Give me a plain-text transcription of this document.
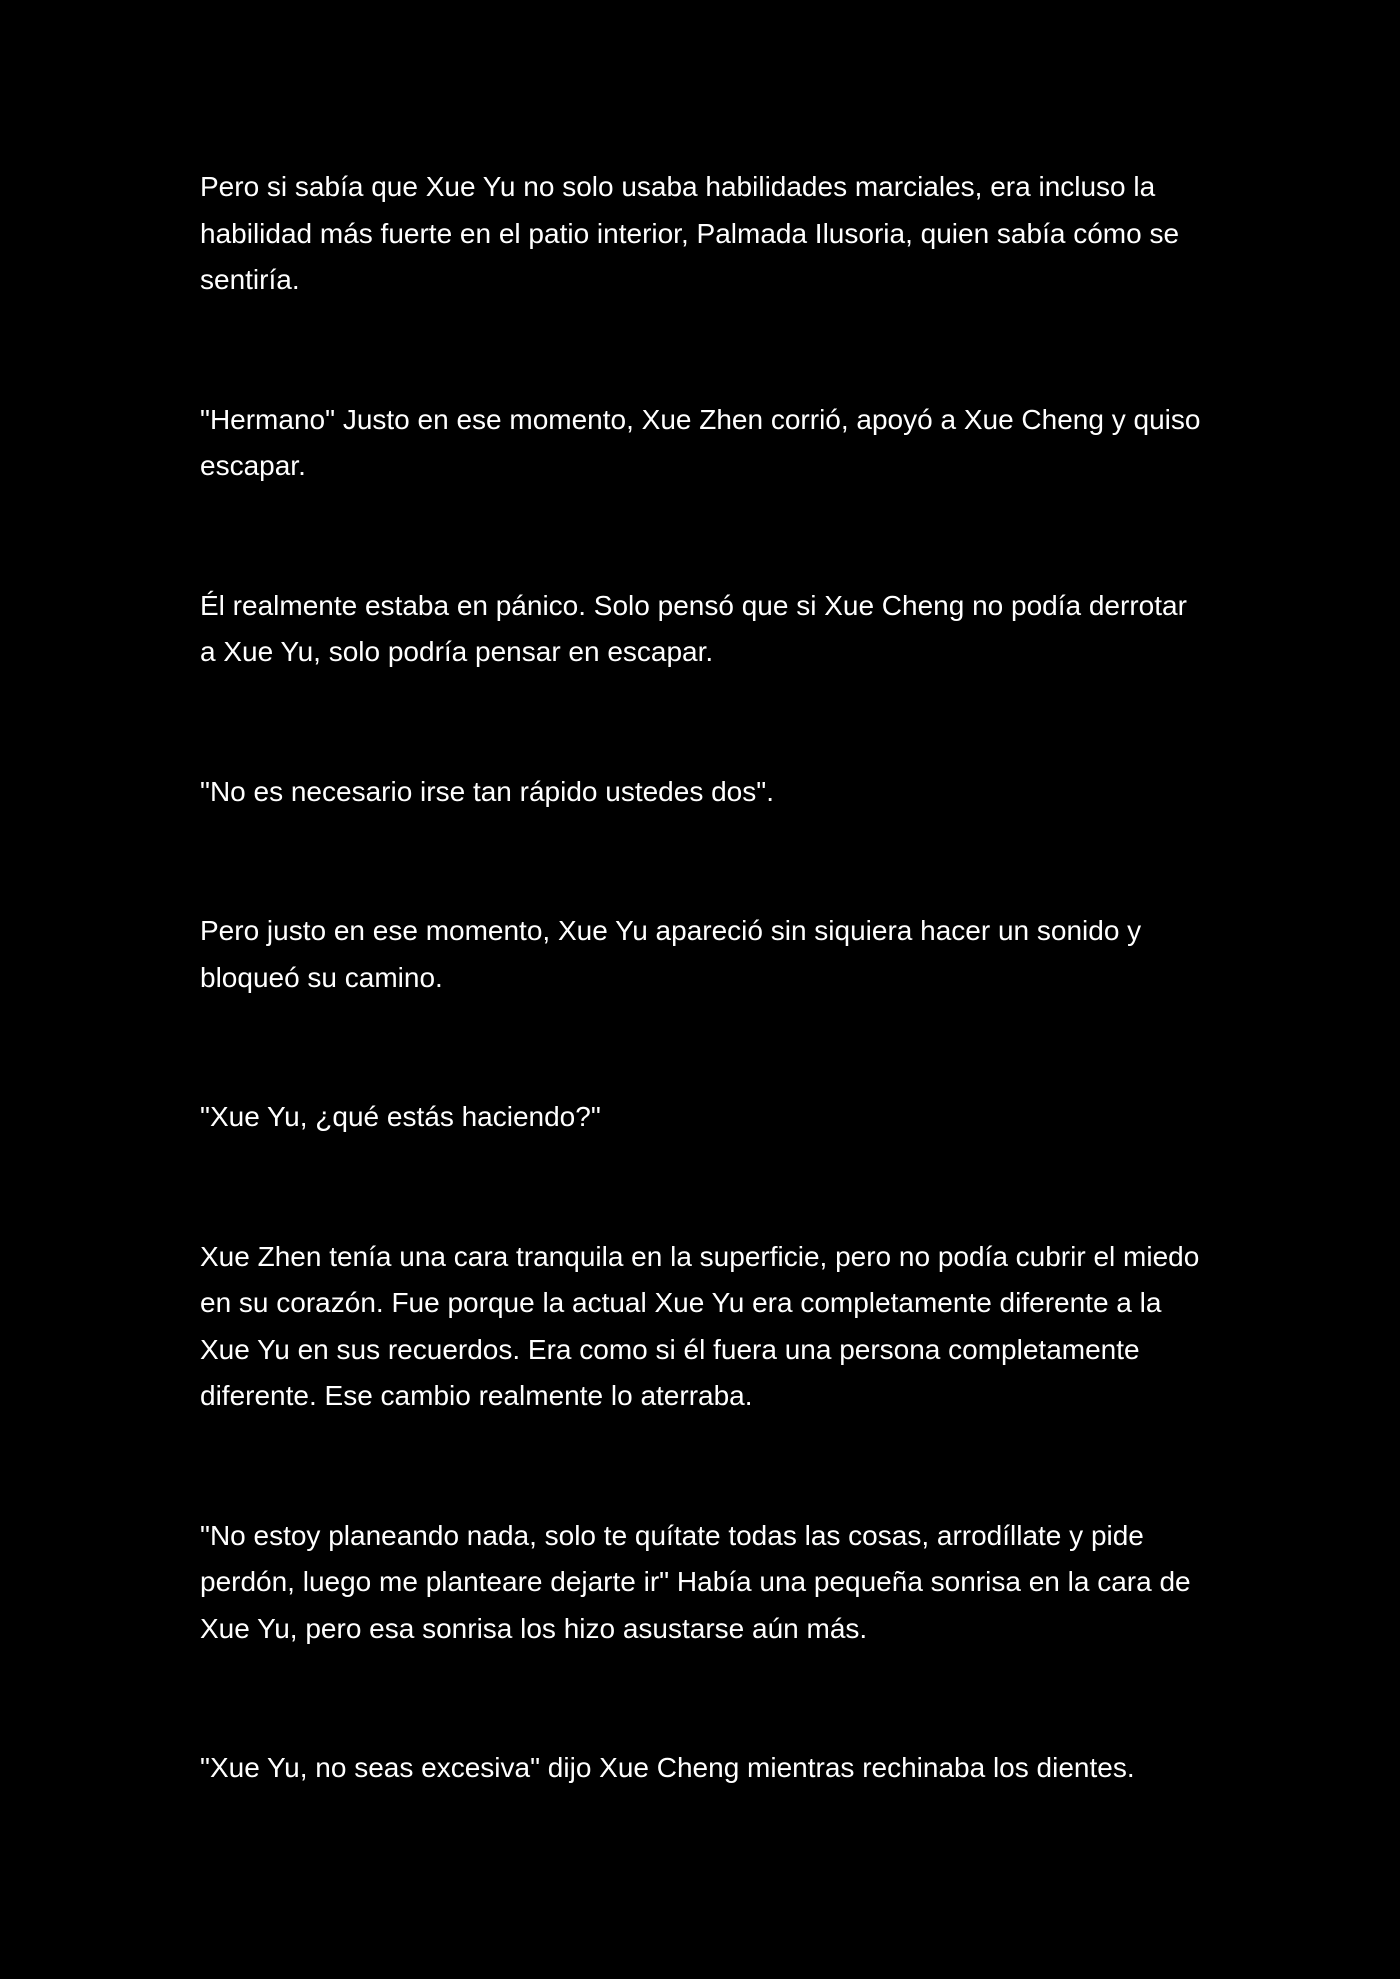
Pero si sabía que Xue Yu no solo usaba habilidades marciales, era incluso la habilidad más fuerte en el patio interior, Palmada Ilusoria, quien sabía cómo se sentiría.

"Hermano" Justo en ese momento, Xue Zhen corrió, apoyó a Xue Cheng y quiso escapar.

Él realmente estaba en pánico. Solo pensó que si Xue Cheng no podía derrotar a Xue Yu, solo podría pensar en escapar.

"No es necesario irse tan rápido ustedes dos".

Pero justo en ese momento, Xue Yu apareció sin siquiera hacer un sonido y bloqueó su camino.

"Xue Yu, ¿qué estás haciendo?"

Xue Zhen tenía una cara tranquila en la superficie, pero no podía cubrir el miedo en su corazón. Fue porque la actual Xue Yu era completamente diferente a la Xue Yu en sus recuerdos. Era como si él fuera una persona completamente diferente. Ese cambio realmente lo aterraba.

"No estoy planeando nada, solo te quítate todas las cosas, arrodíllate y pide perdón, luego me planteare dejarte ir" Había una pequeña sonrisa en la cara de Xue Yu, pero esa sonrisa los hizo asustarse aún más.

"Xue Yu, no seas excesiva" dijo Xue Cheng mientras rechinaba los dientes.
